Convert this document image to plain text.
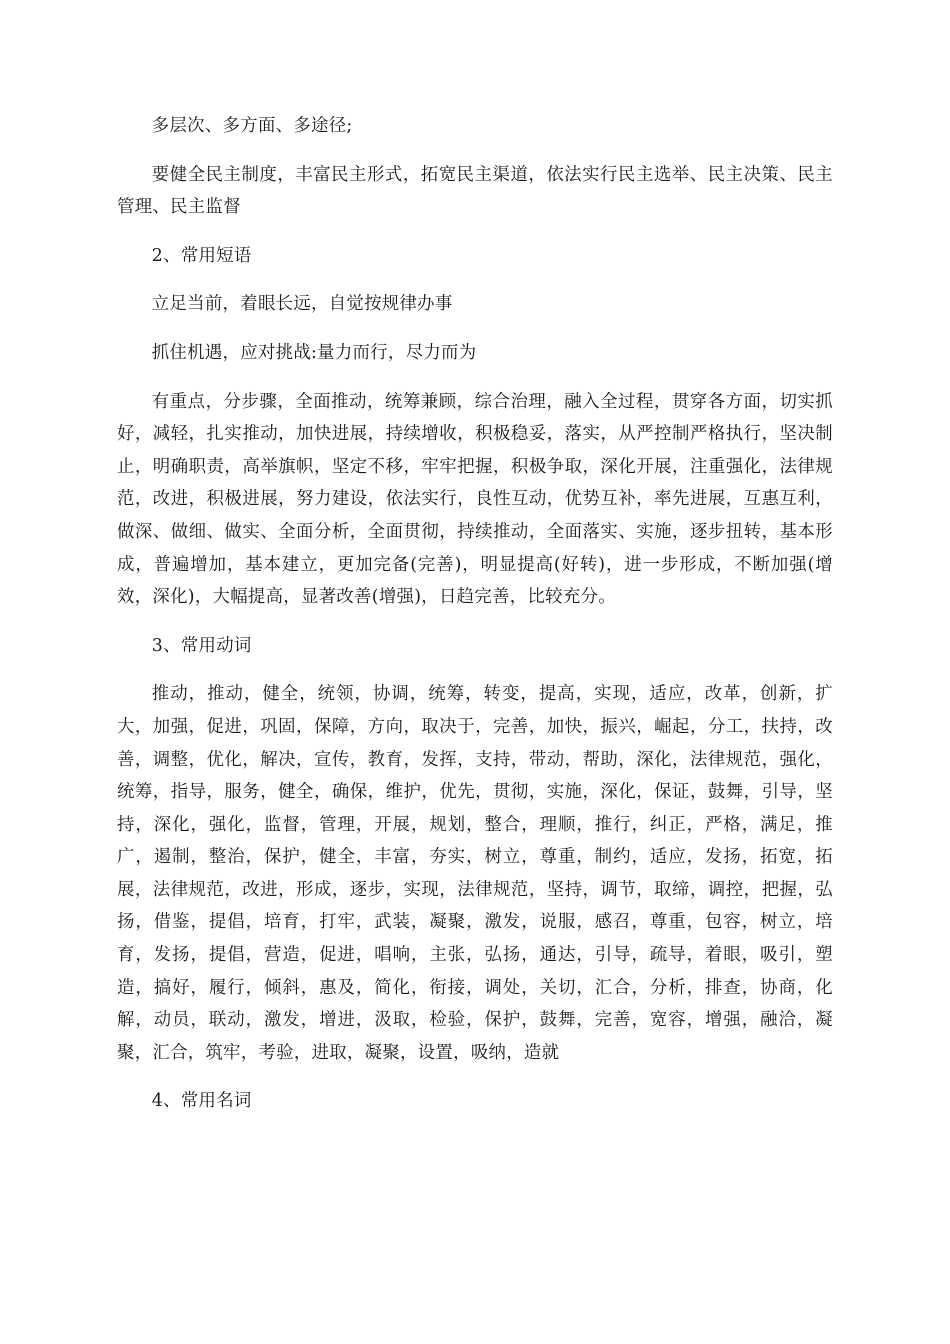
多层次、多方面、多途径;

要健全民主制度，丰富民主形式，拓宽民主渠道，依法实行民主选举、民主决策、民主管理、民主监督

2、常用短语

立足当前，着眼长远，自觉按规律办事

抓住机遇，应对挑战:量力而行，尽力而为

有重点，分步骤，全面推动，统筹兼顾，综合治理，融入全过程，贯穿各方面，切实抓好，减轻，扎实推动，加快进展，持续增收，积极稳妥，落实，从严控制严格执行，坚决制止，明确职责，高举旗帜，坚定不移，牢牢把握，积极争取，深化开展，注重强化，法律规范，改进，积极进展，努力建设，依法实行，良性互动，优势互补，率先进展，互惠互利，做深、做细、做实、全面分析，全面贯彻，持续推动，全面落实、实施，逐步扭转，基本形成，普遍增加，基本建立，更加完备(完善)，明显提高(好转)，进一步形成，不断加强(增效，深化)，大幅提高，显著改善(增强)，日趋完善，比较充分。

3、常用动词

推动，推动，健全，统领，协调，统筹，转变，提高，实现，适应，改革，创新，扩大，加强，促进，巩固，保障，方向，取决于，完善，加快，振兴，崛起，分工，扶持，改善，调整，优化，解决，宣传，教育，发挥，支持，带动，帮助，深化，法律规范，强化，统筹，指导，服务，健全，确保，维护，优先，贯彻，实施，深化，保证，鼓舞，引导，坚持，深化，强化，监督，管理，开展，规划，整合，理顺，推行，纠正，严格，满足，推广，遏制，整治，保护，健全，丰富，夯实，树立，尊重，制约，适应，发扬，拓宽，拓展，法律规范，改进，形成，逐步，实现，法律规范，坚持，调节，取缔，调控，把握，弘扬，借鉴，提倡，培育，打牢，武装，凝聚，激发，说服，感召，尊重，包容，树立，培育，发扬，提倡，营造，促进，唱响，主张，弘扬，通达，引导，疏导，着眼，吸引，塑造，搞好，履行，倾斜，惠及，简化，衔接，调处，关切，汇合，分析，排查，协商，化解，动员，联动，激发，增进，汲取，检验，保护，鼓舞，完善，宽容，增强，融洽，凝聚，汇合，筑牢，考验，进取，凝聚，设置，吸纳，造就

4、常用名词
